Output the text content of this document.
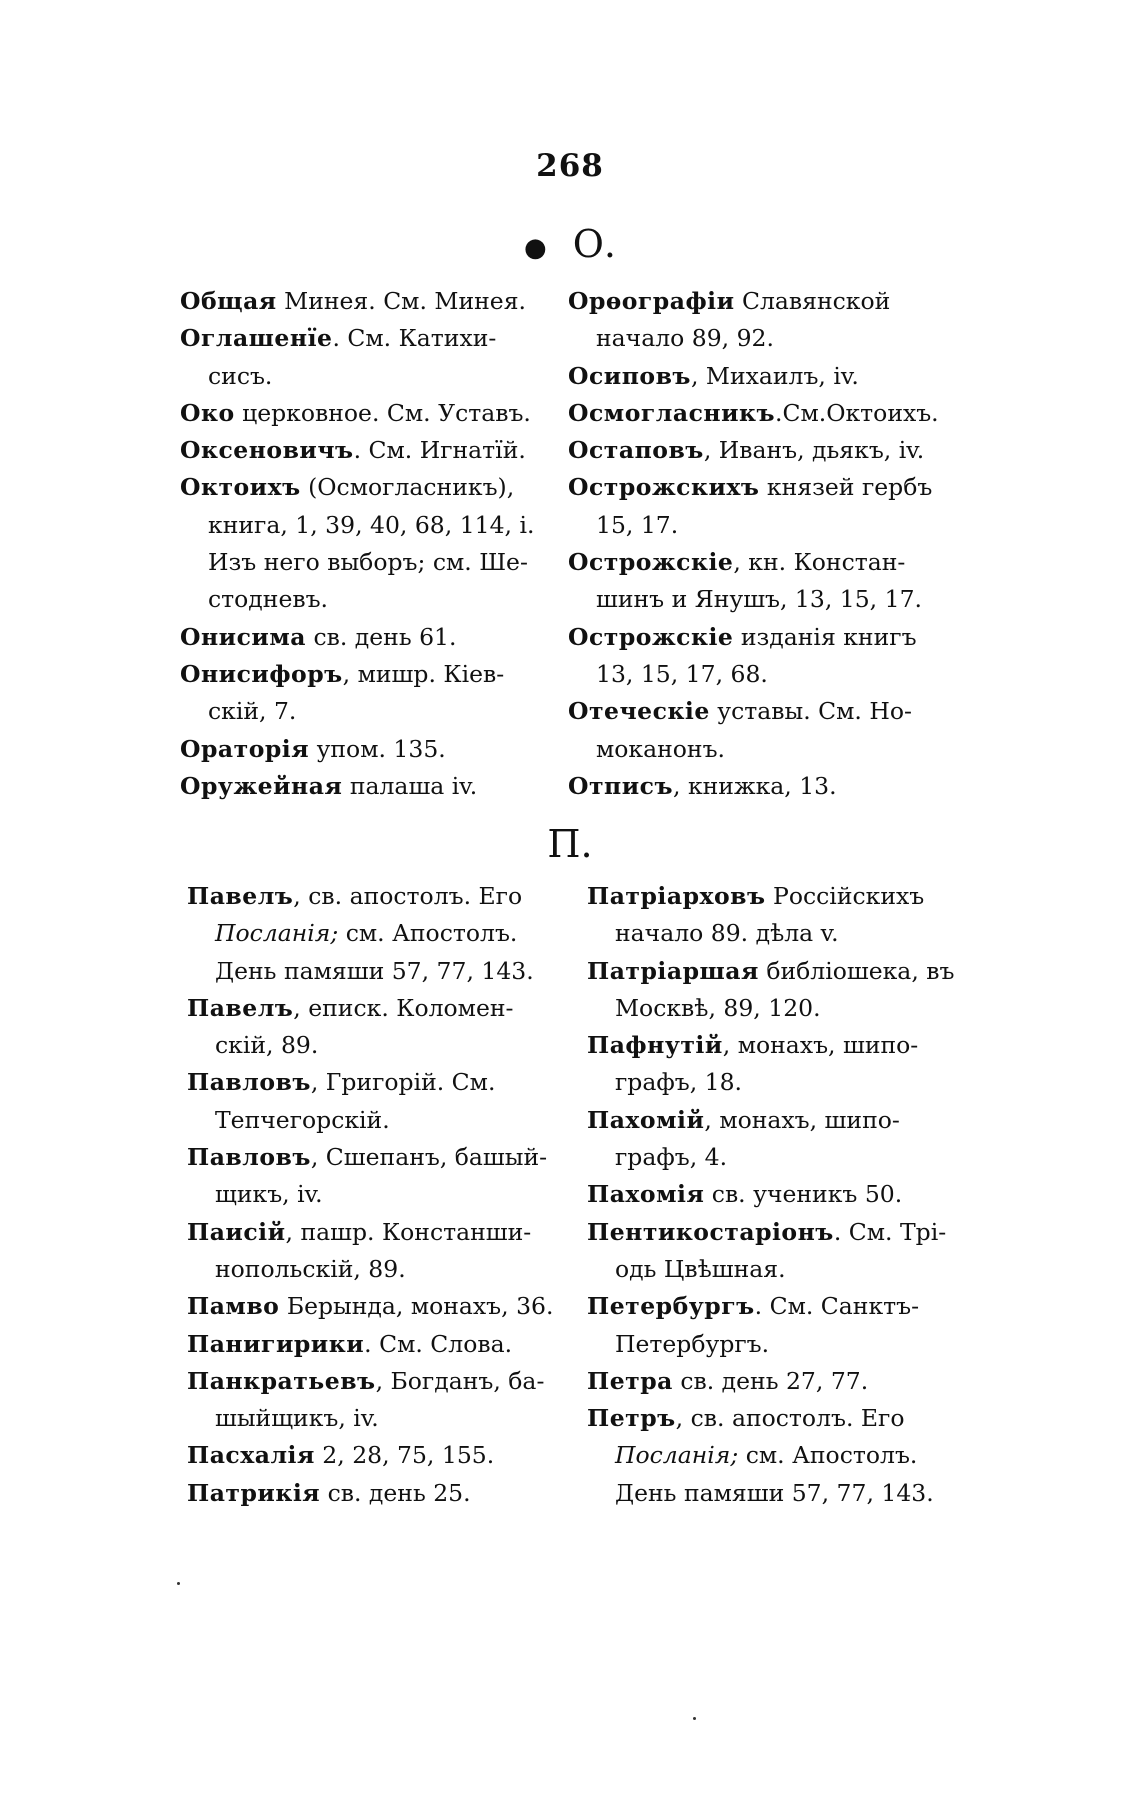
268
● О.
Общая Минея. См. Минея.
Оглашенїе. См. Катихи-
сисъ.
Око церковное. См. Уставъ.
Оксеновичъ. См. Игнатїй.
Октоихъ (Осмогласникъ),
книга, 1, 39, 40, 68, 114, i.
Изъ него выборъ; см. Ше-
стодневъ.
Онисима св. день 61.
Онисифоръ, мишр. Кiев-
скiй, 7.
Ораторiя упом. 135.
Оружейная палаша iv.
Орѳографiи Славянской
начало 89, 92.
Осиповъ, Михаилъ, iv.
Осмогласникъ.См.Октоихъ.
Остаповъ, Иванъ, дьякъ, iv.
Острожскихъ князей гербъ
15, 17.
Острожскiе, кн. Констан-
шинъ и Янушъ, 13, 15, 17.
Острожскiе изданiя книгъ
13, 15, 17, 68.
Отеческiе уставы. См. Но-
моканонъ.
Отписъ, книжка, 13.
П.
Павелъ, св. апостолъ. Его
Посланiя; см. Апостолъ.
День памяши 57, 77, 143.
Павелъ, еписк. Коломен-
скiй, 89.
Павловъ, Григорiй. См.
Тепчегорскiй.
Павловъ, Сшепанъ, башый-
щикъ, iv.
Паисiй, пашр. Констанши-
нопольскiй, 89.
Памво Берында, монахъ, 36.
Панигирики. См. Слова.
Панкратьевъ, Богданъ, ба-
шыйщикъ, iv.
Пасхалiя 2, 28, 75, 155.
Патрикiя св. день 25.
Патрiарховъ Россiйскихъ
начало 89. дѣла v.
Патрiаршая библiошека, въ
Москвѣ, 89, 120.
Пафнутiй, монахъ, шипо-
графъ, 18.
Пахомiй, монахъ, шипо-
графъ, 4.
Пахомiя св. ученикъ 50.
Пентикостарiонъ. См. Трi-
одь Цвѣшная.
Петербургъ. См. Санктъ-
Петербургъ.
Петра св. день 27, 77.
Петръ, св. апостолъ. Его
Посланiя; см. Апостолъ.
День памяши 57, 77, 143.
